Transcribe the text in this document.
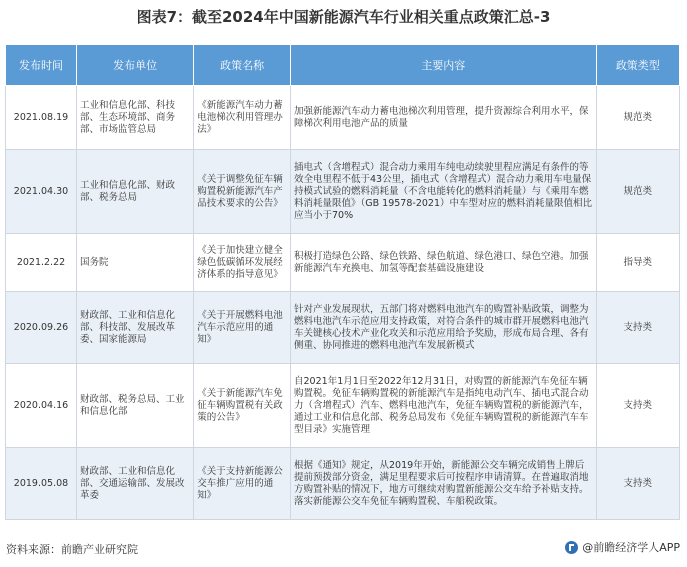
图表7：截至2024年中国新能源汽车行业相关重点政策汇总-3
发布时间	发布单位	政策名称	主要内容	政策类型
2021.08.19	工业和信息化部、科技部、生态环境部、商务部、市场监管总局	《新能源汽车动力蓄电池梯次利用管理办法》	加强新能源汽车动力蓄电池梯次利用管理，提升资源综合利用水平，保障梯次利用电池产品的质量	规范类
2021.04.30	工业和信息化部、财政部、税务总局	《关于调整免征车辆购置税新能源汽车产品技术要求的公告》	插电式（含增程式）混合动力乘用车纯电动续驶里程应满足有条件的等效全电里程不低于43公里，插电式（含增程式）混合动力乘用车电量保持模式试验的燃料消耗量（不含电能转化的燃料消耗量）与《乘用车燃料消耗量限值》（GB 19578-2021）中车型对应的燃料消耗量限值相比应当小于70%	规范类
2021.2.22	国务院	《关于加快建立健全绿色低碳循环发展经济体系的指导意见》	积极打造绿色公路、绿色铁路、绿色航道、绿色港口、绿色空港。加强新能源汽车充换电、加氢等配套基础设施建设	指导类
2020.09.26	财政部、工业和信息化部、科技部、发展改革委、国家能源局	《关于开展燃料电池汽车示范应用的通知》	针对产业发展现状，五部门将对燃料电池汽车的购置补贴政策，调整为燃料电池汽车示范应用支持政策，对符合条件的城市群开展燃料电池汽车关键核心技术产业化攻关和示范应用给予奖励，形成布局合理、各有侧重、协同推进的燃料电池汽车发展新模式	支持类
2020.04.16	财政部、税务总局、工业和信息化部	《关于新能源汽车免征车辆购置税有关政策的公告》	自2021年1月1日至2022年12月31日，对购置的新能源汽车免征车辆购置税。免征车辆购置税的新能源汽车是指纯电动汽车、插电式混合动力（含增程式）汽车、燃料电池汽车，免征车辆购置税的新能源汽车，通过工业和信息化部、税务总局发布《免征车辆购置税的新能源汽车车型目录》实施管理	支持类
2019.05.08	财政部、工业和信息化部、交通运输部、发展改革委	《关于支持新能源公交车推广应用的通知》	根据《通知》规定，从2019年开始，新能源公交车辆完成销售上牌后提前预拨部分资金，满足里程要求后可按程序申请清算。在普遍取消地方购置补贴的情况下，地方可继续对购置新能源公交车给予补贴支持。落实新能源公交车免征车辆购置税、车船税政策。	支持类
资料来源：前瞻产业研究院	@前瞻经济学人APP
